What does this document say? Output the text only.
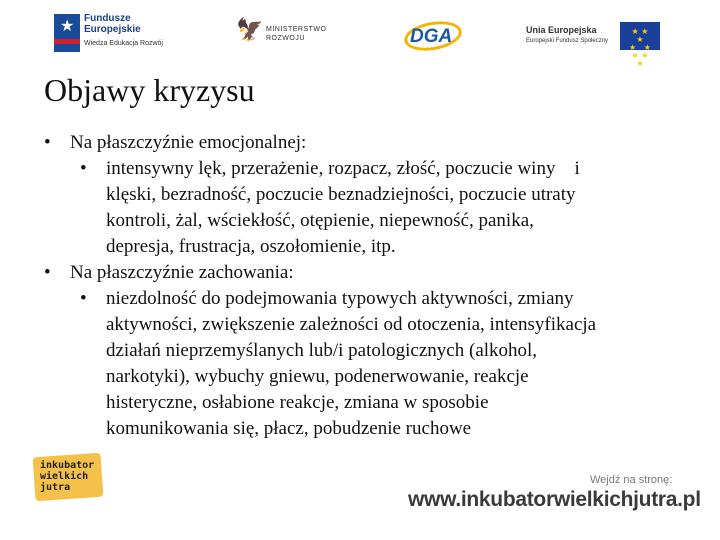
★ Fundusze
Europejskie
Wiedza Edukacja Rozwój
🦅 MINISTERSTWO
ROZWOJU	DGA	Unia Europejska
Europejski Fundusz Społeczny
★ ★ ★
★   ★
★ ★ ★
Objawy kryzysu

• Na płaszczyźnie emocjonalnej:

• intensywny lęk, przerażenie, rozpacz, złość, poczucie winy    i
klęski, bezradność, poczucie beznadziejności, poczucie utraty
kontroli, żal, wściekłość, otępienie, niepewność, panika,
depresja, frustracja, oszołomienie, itp.

• Na płaszczyźnie zachowania:

• niezdolność do podejmowania typowych aktywności, zmiany
aktywności, zwiększenie zależności od otoczenia, intensyfikacja
działań nieprzemyślanych lub/i patologicznych (alkohol,
narkotyki), wybuchy gniewu, podenerwowanie, reakcje
histeryczne, osłabione reakcje, zmiana w sposobie
komunikowania się, płacz, pobudzenie ruchowe
inkubator wielkich jutra
Wejdź na stronę:
www.inkubatorwielkichjutra.pl
